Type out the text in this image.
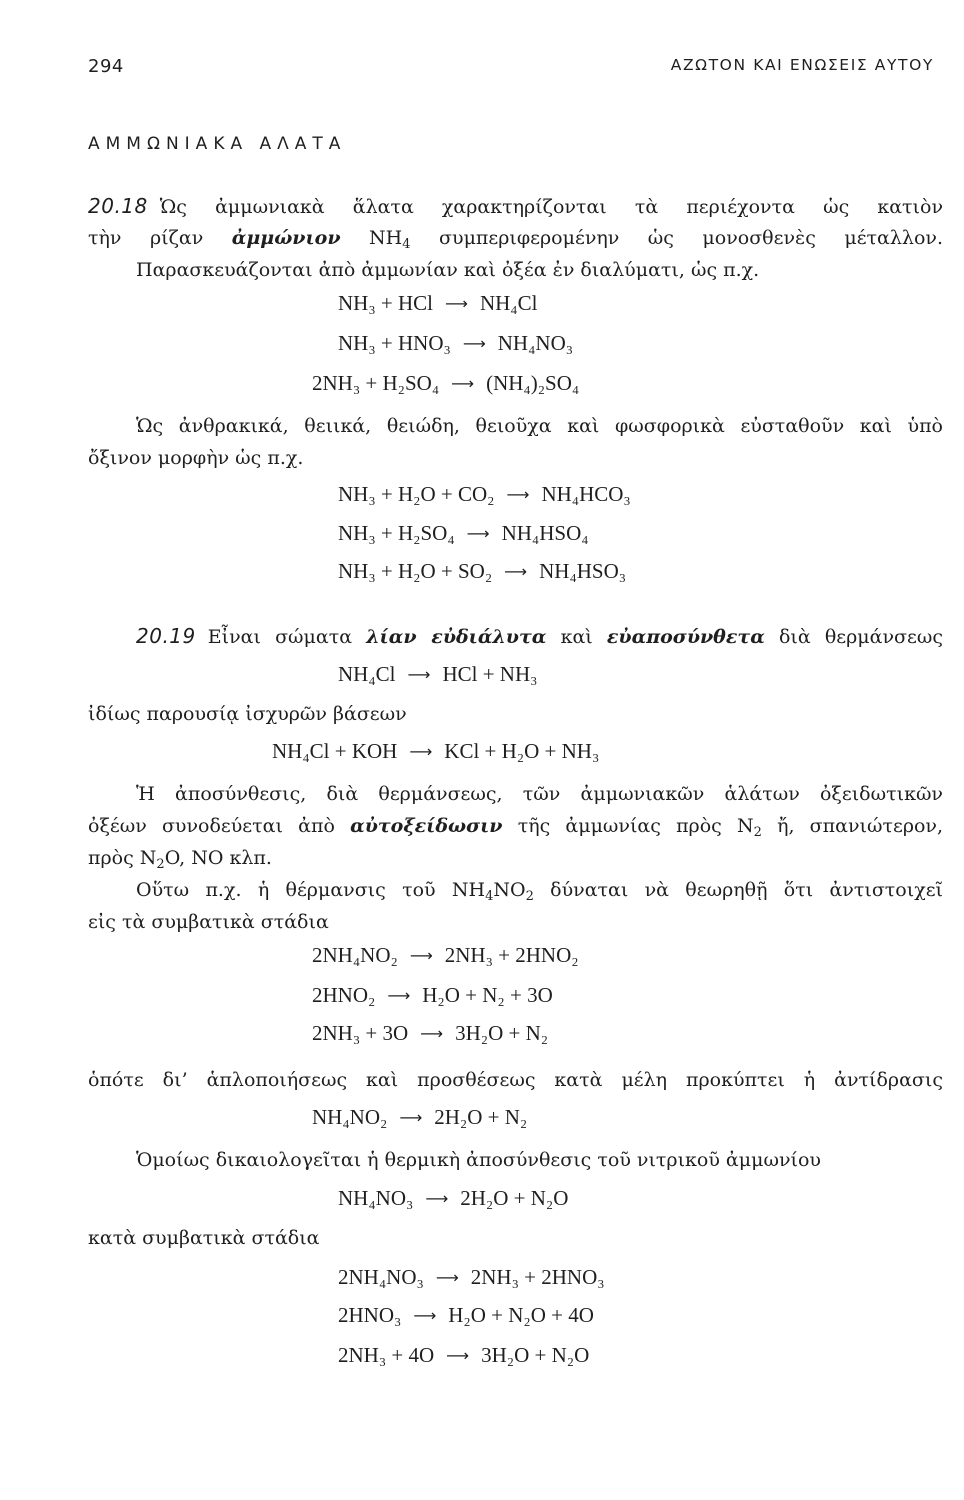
294	ΑΖΩΤΟΝ ΚΑΙ ΕΝΩΣΕΙΣ ΑΥΤΟΥ
ΑΜΜΩΝΙΑΚΑ ΑΛΑΤΑ
20.18 Ὡς ἀμμωνιακὰ ἅλατα χαρακτηρίζονται τὰ περιέχοντα ὡς κατιὸν
τὴν ρίζαν ἀμμώνιον $NH_4$ συμπεριφερομένην ὡς μονοσθενὲς μέταλλον.
Παρασκευάζονται ἀπὸ ἀμμωνίαν καὶ ὀξέα ἐν διαλύματι, ὡς π.χ.
NH₃ + HCl ⟶ NH₄Cl
NH₃ + HNO₃ ⟶ NH₄NO₃
2NH₃ + H₂SO₄ ⟶ (NH₄)₂SO₄
Ὡς ἀνθρακικά, θειικά, θειώδη, θειοῦχα καὶ φωσφορικὰ εὐσταθοῦν καὶ ὑπὸ
ὄξινον μορφὴν ὡς π.χ.
NH₃ + H₂O + CO₂ ⟶ NH₄HCO₃
NH₃ + H₂SO₄ ⟶ NH₄HSO₄
NH₃ + H₂O + SO₂ ⟶ NH₄HSO₃
20.19 Εἶναι σώματα λίαν εὐδιάλυτα καὶ εὐαποσύνθετα διὰ θερμάνσεως
NH₄Cl ⟶ HCl + NH₃
ἰδίως παρουσίᾳ ἰσχυρῶν βάσεων
NH₄Cl + KOH ⟶ KCl + H₂O + NH₃
Ἡ ἀποσύνθεσις, διὰ θερμάνσεως, τῶν ἀμμωνιακῶν ἁλάτων ὀξειδωτικῶν
ὀξέων συνοδεύεται ἀπὸ αὐτοξείδωσιν τῆς ἀμμωνίας πρὸς $N_2$ ἤ, σπανιώτερον,
πρὸς $N_2O$, NO κλπ.
Οὕτω π.χ. ἡ θέρμανσις τοῦ $NH_4NO_2$ δύναται νὰ θεωρηθῇ ὅτι ἀντιστοιχεῖ
εἰς τὰ συμβατικὰ στάδια
2NH₄NO₂ ⟶ 2NH₃ + 2HNO₂
2HNO₂ ⟶ H₂O + N₂ + 3O
2NH₃ + 3O ⟶ 3H₂O + N₂
ὁπότε δι’ ἁπλοποιήσεως καὶ προσθέσεως κατὰ μέλη προκύπτει ἡ ἀντίδρασις
NH₄NO₂ ⟶ 2H₂O + N₂
Ὁμοίως δικαιολογεῖται ἡ θερμικὴ ἀποσύνθεσις τοῦ νιτρικοῦ ἀμμωνίου
NH₄NO₃ ⟶ 2H₂O + N₂O
κατὰ συμβατικὰ στάδια
2NH₄NO₃ ⟶ 2NH₃ + 2HNO₃
2HNO₃ ⟶ H₂O + N₂O + 4O
2NH₃ + 4O ⟶ 3H₂O + N₂O
